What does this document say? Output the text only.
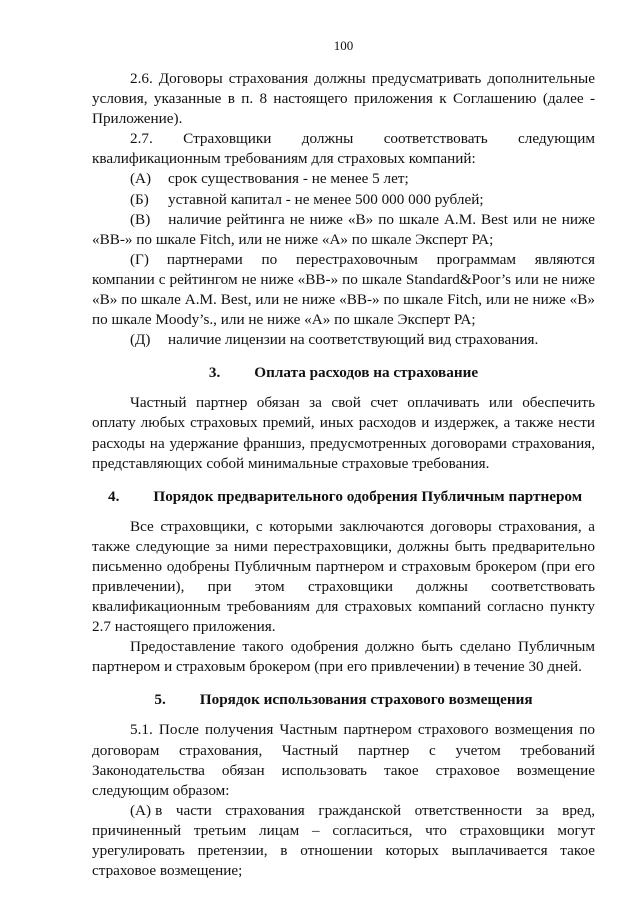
100

2.6. Договоры страхования должны предусматривать дополнительные условия, указанные в п. 8 настоящего приложения к Соглашению (далее - Приложение).

2.7. Страховщики должны соответствовать следующим квалификационным требованиям для страховых компаний:

(А)	срок существования - не менее 5 лет;
(Б)	уставной капитал - не менее 500 000 000 рублей;

(В) наличие рейтинга не ниже «B» по шкале A.M. Best или не ниже «BB-» по шкале Fitch, или не ниже «А» по шкале Эксперт РА;

(Г) партнерами по перестраховочным программам являются компании с рейтингом не ниже «BB-» по шкале Standard&Poor’s или не ниже «B» по шкале A.M. Best, или не ниже «BB-» по шкале Fitch, или не ниже «B» по шкале Moody’s., или не ниже «А» по шкале Эксперт РА;

(Д)	наличие лицензии на соответствующий вид страхования.
3. Оплата расходов на страхование

Частный партнер обязан за свой счет оплачивать или обеспечить оплату любых страховых премий, иных расходов и издержек, а также нести расходы на удержание франшиз, предусмотренных договорами страхования, представляющих собой минимальные страховые требования.

4. Порядок предварительного одобрения Публичным партнером

Все страховщики, с которыми заключаются договоры страхования, а также следующие за ними перестраховщики, должны быть предварительно письменно одобрены Публичным партнером и страховым брокером (при его привлечении), при этом страховщики должны соответствовать квалификационным требованиям для страховых компаний согласно пункту 2.7 настоящего приложения.

Предоставление такого одобрения должно быть сделано Публичным партнером и страховым брокером (при его привлечении) в течение 30 дней.

5. Порядок использования страхового возмещения

5.1. После получения Частным партнером страхового возмещения по договорам страхования, Частный партнер с учетом требований Законодательства обязан использовать такое страховое возмещение следующим образом:

(А) в части страхования гражданской ответственности за вред, причиненный третьим лицам – согласиться, что страховщики могут урегулировать претензии, в отношении которых выплачивается такое страховое возмещение;
